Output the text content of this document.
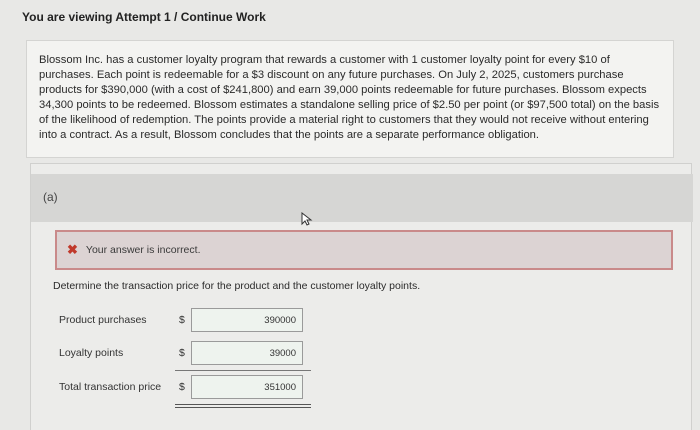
You are viewing Attempt 1 / Continue Work

Blossom Inc. has a customer loyalty program that rewards a customer with 1 customer loyalty point for every $10 of purchases. Each point is redeemable for a $3 discount on any future purchases. On July 2, 2025, customers purchase products for $390,000 (with a cost of $241,800) and earn 39,000 points redeemable for future purchases. Blossom expects 34,300 points to be redeemed. Blossom estimates a standalone selling price of $2.50 per point (or $97,500 total) on the basis of the likelihood of redemption. The points provide a material right to customers that they would not receive without entering into a contract. As a result, Blossom concludes that the points are a separate performance obligation.

(a)
✖ Your answer is incorrect.
Determine the transaction price for the product and the customer loyalty points.
Product purchases	$
390000
Loyalty points	$
39000
Total transaction price $
351000
